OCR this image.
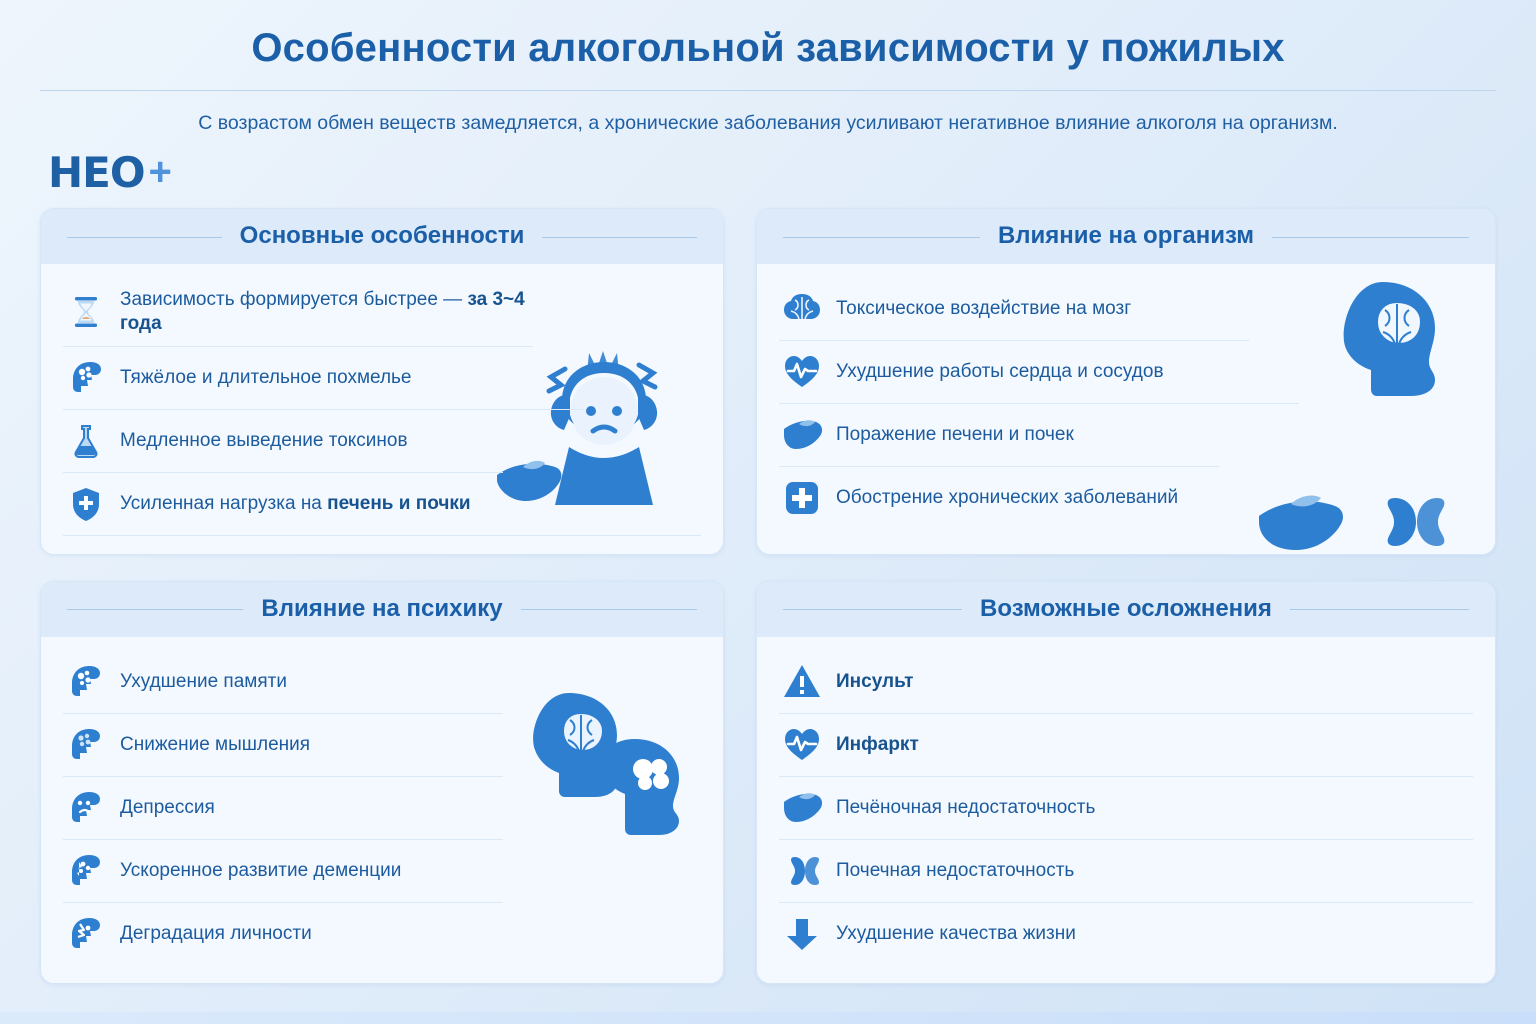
Особенности алкогольной зависимости у пожилых
С возрастом обмен веществ замедляется, а хронические заболевания усиливают негативное влияние алкоголя на организм.
HEO +
Основные особенности
Зависимость формируется быстрее — за 3~4 года
Тяжёлое и длительное похмелье
Медленное выведение токсинов
Усиленная нагрузка на печень и почки
Влияние на организм
Токсическое воздействие на мозг
Ухудшение работы сердца и сосудов
Поражение печени и почек
Обострение хронических заболеваний
Влияние на психику
Ухудшение памяти
Снижение мышления
Депрессия
Ускоренное развитие деменции
Деградация личности
Возможные осложнения
Инсульт
Инфаркт
Печёночная недостаточность
Почечная недостаточность
Ухудшение качества жизни
